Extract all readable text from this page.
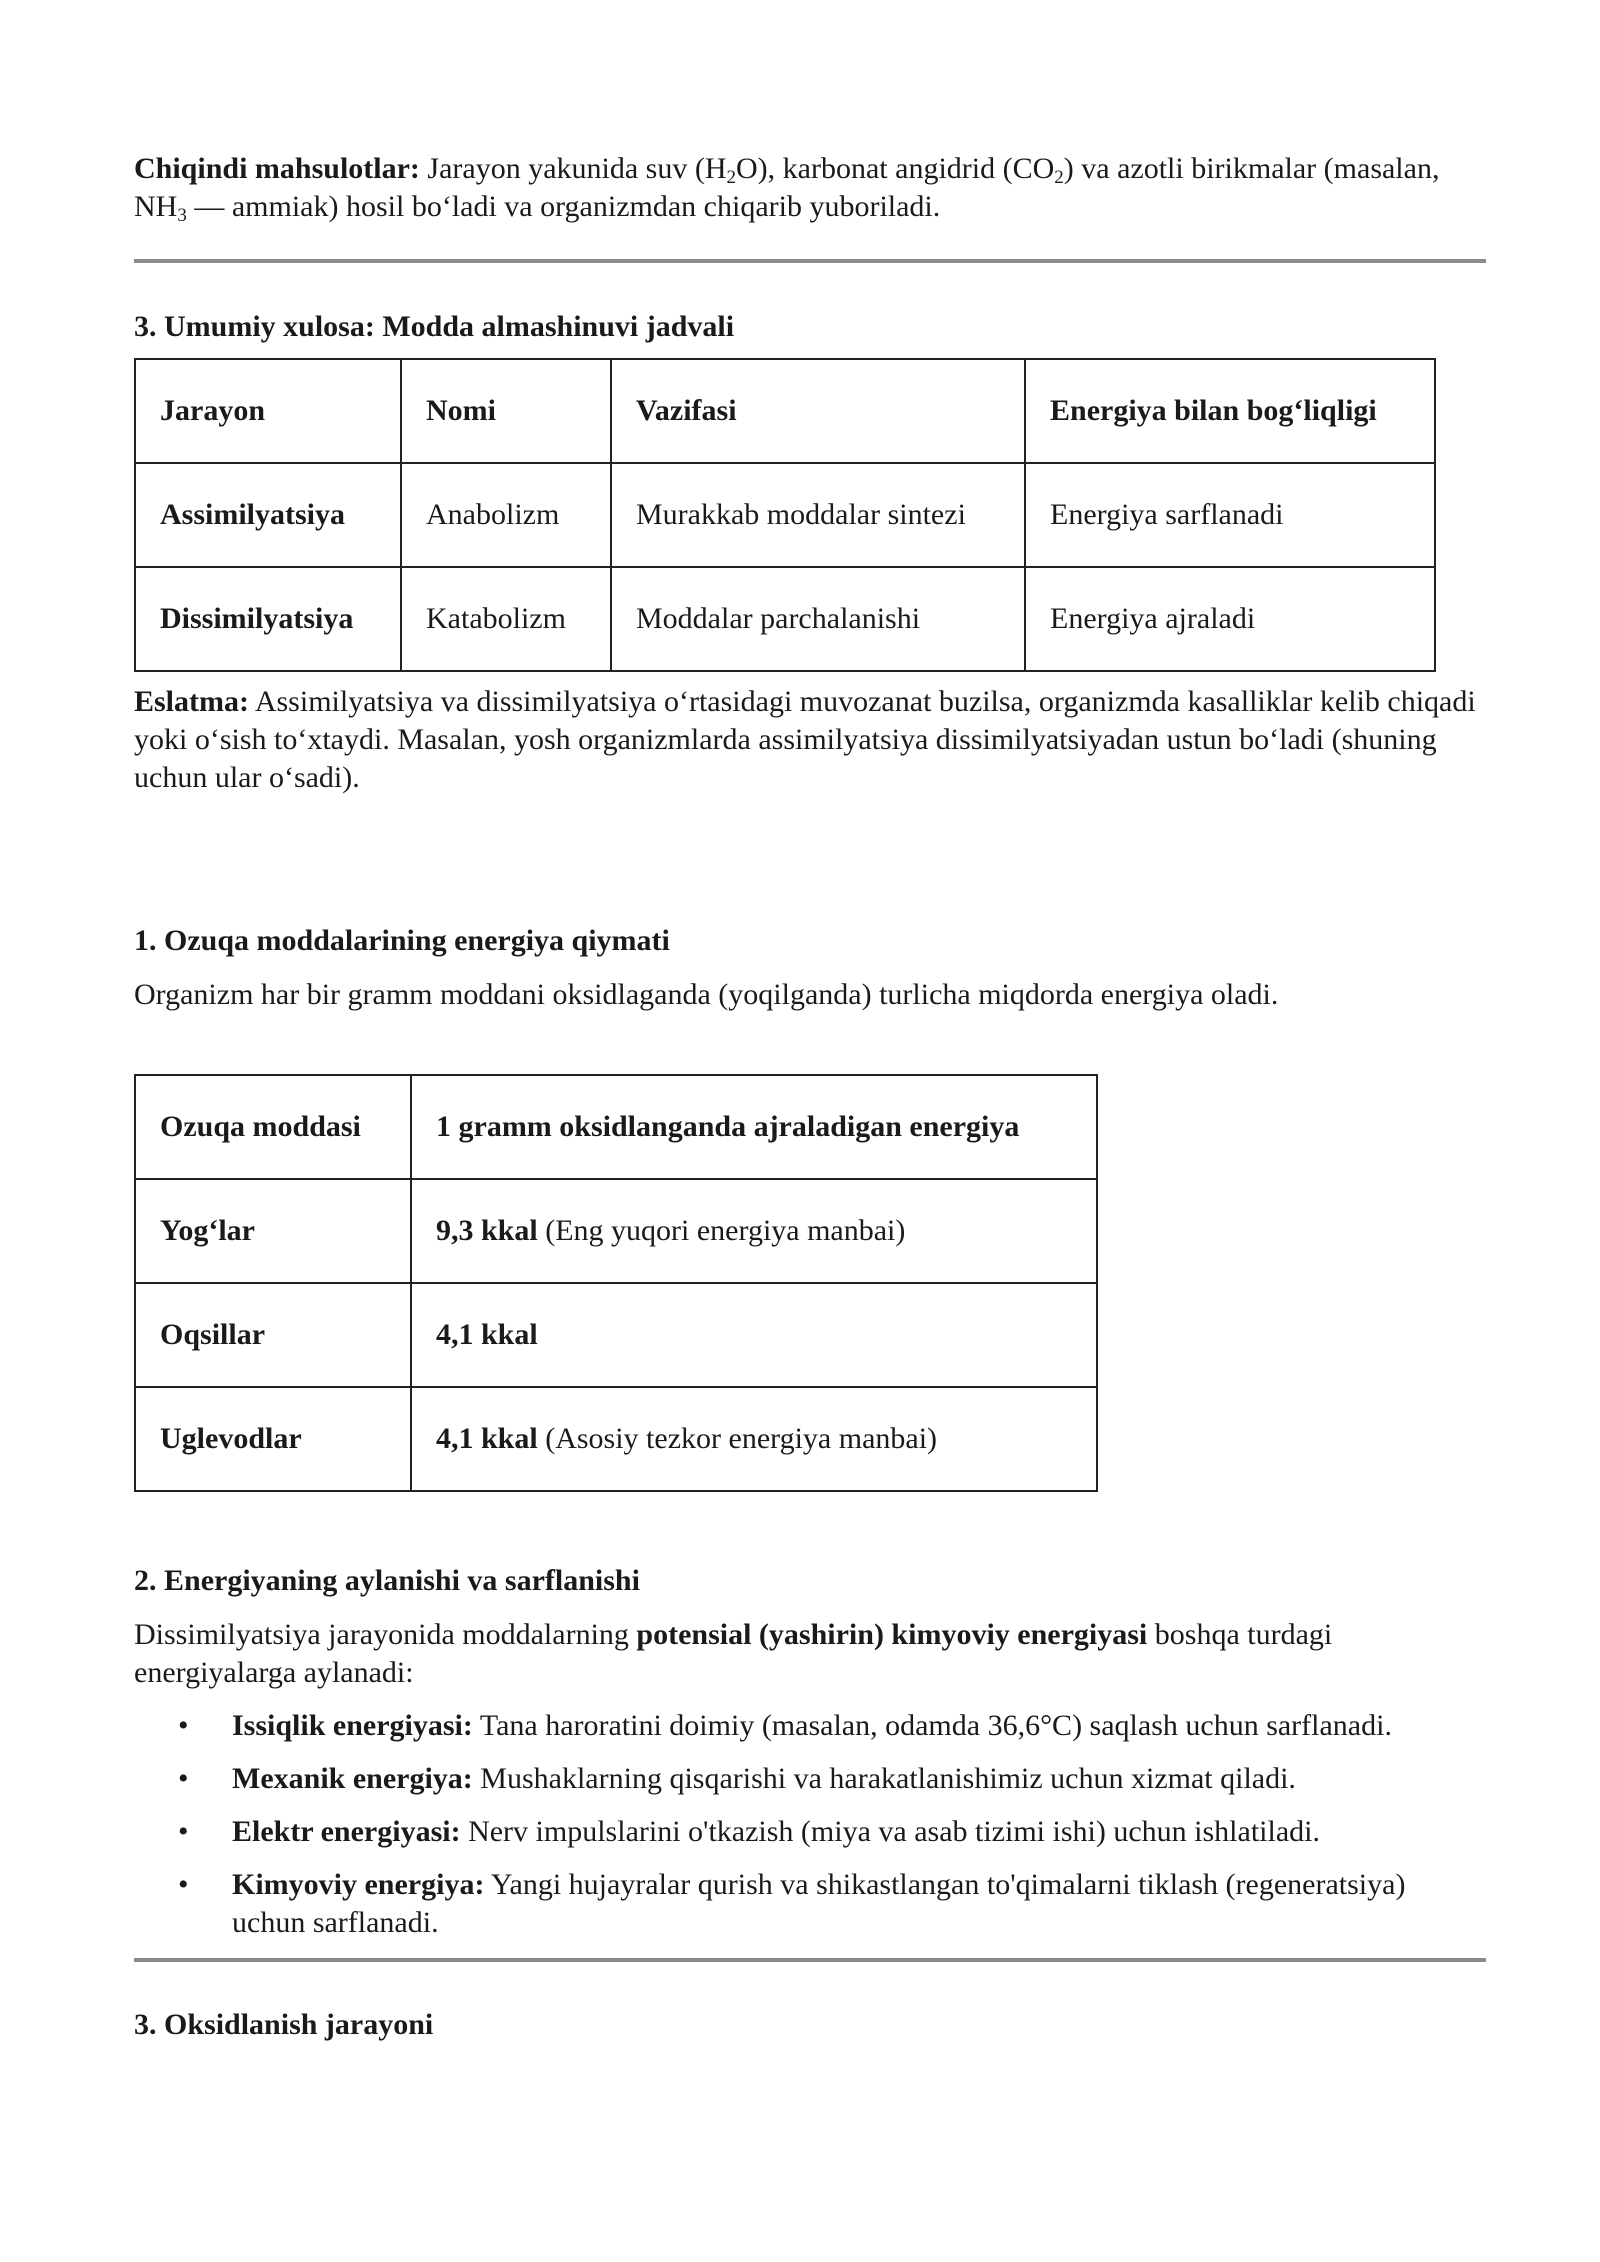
Chiqindi mahsulotlar: Jarayon yakunida suv $(H_2O)$, karbonat angidrid $(CO_2)$ va azotli birikmalar (masalan, $NH_3$ — ammiak) hosil bo‘ladi va organizmdan chiqarib yuboriladi.

3. Umumiy xulosa: Modda almashinuvi jadvali
Jarayon	Nomi	Vazifasi	Energiya bilan bog‘liqligi
Assimilyatsiya	Anabolizm	Murakkab moddalar sintezi	Energiya sarflanadi
Dissimilyatsiya	Katabolizm	Moddalar parchalanishi	Energiya ajraladi

Eslatma: Assimilyatsiya va dissimilyatsiya o‘rtasidagi muvozanat buzilsa, organizmda kasalliklar kelib chiqadi yoki o‘sish to‘xtaydi. Masalan, yosh organizmlarda assimilyatsiya dissimilyatsiyadan ustun bo‘ladi (shuning uchun ular o‘sadi).

1. Ozuqa moddalarining energiya qiymati

Organizm har bir gramm moddani oksidlaganda (yoqilganda) turlicha miqdorda energiya oladi.

Ozuqa moddasi	1 gramm oksidlanganda ajraladigan energiya
Yog‘lar	9,3 kkal (Eng yuqori energiya manbai)
Oqsillar	4,1 kkal
Uglevodlar	4,1 kkal (Asosiy tezkor energiya manbai)
2. Energiyaning aylanishi va sarflanishi

Dissimilyatsiya jarayonida moddalarning potensial (yashirin) kimyoviy energiyasi boshqa turdagi energiyalarga aylanadi:

• Issiqlik energiyasi: Tana haroratini doimiy (masalan, odamda 36,6°C) saqlash uchun sarflanadi.
• Mexanik energiya: Mushaklarning qisqarishi va harakatlanishimiz uchun xizmat qiladi.
• Elektr energiyasi: Nerv impulslarini o'tkazish (miya va asab tizimi ishi) uchun ishlatiladi.
• Kimyoviy energiya: Yangi hujayralar qurish va shikastlangan to'qimalarni tiklash (regeneratsiya) uchun sarflanadi.
3. Oksidlanish jarayoni
